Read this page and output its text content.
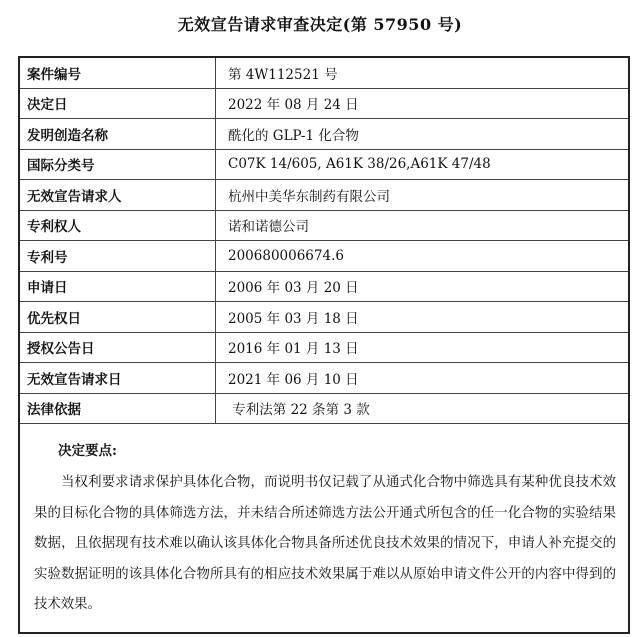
无效宣告请求审查决定(第 57950 号)
案件编号	第 4W112521 号
决定日	2022 年 08 月 24 日
发明创造名称	酰化的 GLP-1 化合物
国际分类号	C07K 14/605, A61K 38/26,A61K 47/48
无效宣告请求人	杭州中美华东制药有限公司
专利权人	诺和诺德公司
专利号	200680006674.6
申请日	2006 年 03 月 20 日
优先权日	2005 年 03 月 18 日
授权公告日	2016 年 01 月 13 日
无效宣告请求日	2021 年 06 月 10 日
法律依据	专利法第 22 条第 3 款
决定要点:
当权利要求请求保护具体化合物，而说明书仅记载了从通式化合物中筛选具有某种优良技术效果的目标化合物的具体筛选方法，并未结合所述筛选方法公开通式所包含的任一化合物的实验结果数据，且依据现有技术难以确认该具体化合物具备所述优良技术效果的情况下，申请人补充提交的实验数据证明的该具体化合物所具有的相应技术效果属于难以从原始申请文件公开的内容中得到的技术效果。
